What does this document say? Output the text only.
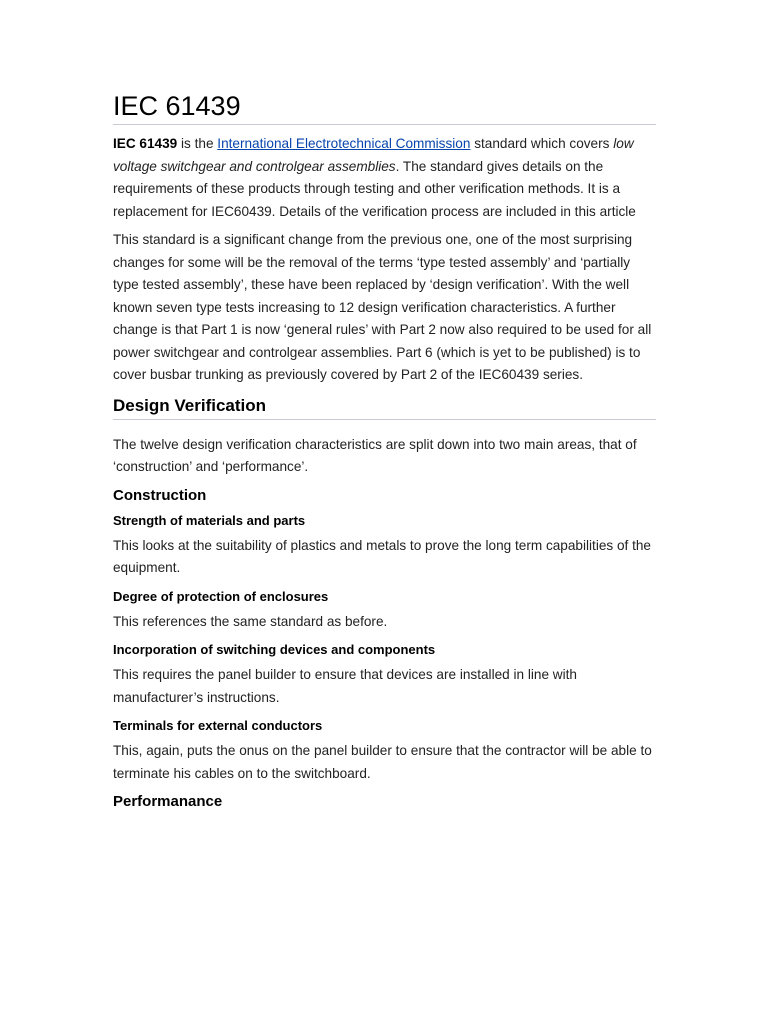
IEC 61439

IEC 61439 is the International Electrotechnical Commission standard which covers low voltage switchgear and controlgear assemblies. The standard gives details on the requirements of these products through testing and other verification methods. It is a replacement for IEC60439. Details of the verification process are included in this article

This standard is a significant change from the previous one, one of the most surprising changes for some will be the removal of the terms ‘type tested assembly’ and ‘partially type tested assembly’, these have been replaced by ‘design verification’. With the well known seven type tests increasing to 12 design verification characteristics. A further change is that Part 1 is now ‘general rules’ with Part 2 now also required to be used for all power switchgear and controlgear assemblies. Part 6 (which is yet to be published) is to cover busbar trunking as previously covered by Part 2 of the IEC60439 series.

Design Verification

The twelve design verification characteristics are split down into two main areas, that of ‘construction’ and ‘performance’.

Construction
Strength of materials and parts

This looks at the suitability of plastics and metals to prove the long term capabilities of the equipment.

Degree of protection of enclosures

This references the same standard as before.

Incorporation of switching devices and components

This requires the panel builder to ensure that devices are installed in line with manufacturer’s instructions.

Terminals for external conductors

This, again, puts the onus on the panel builder to ensure that the contractor will be able to terminate his cables on to the switchboard.

Performanance
